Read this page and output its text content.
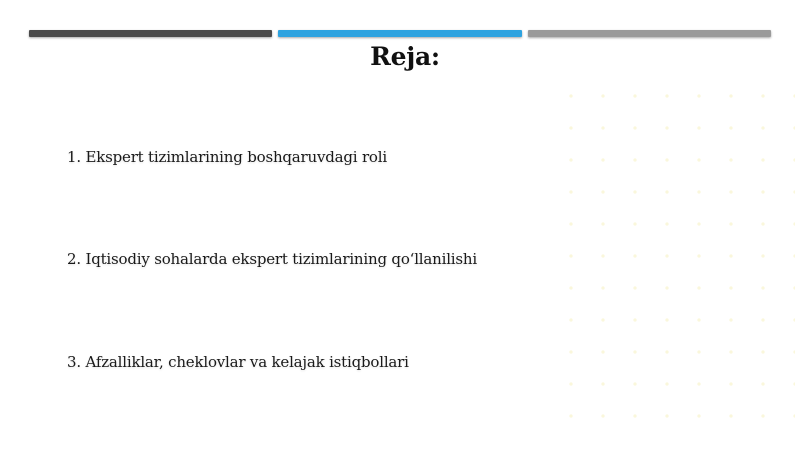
Reja:
1. Ekspert tizimlarining boshqaruvdagi roli
2. Iqtisodiy sohalarda ekspert tizimlarining qo‘llanilishi
3. Afzalliklar, cheklovlar va kelajak istiqbollari
